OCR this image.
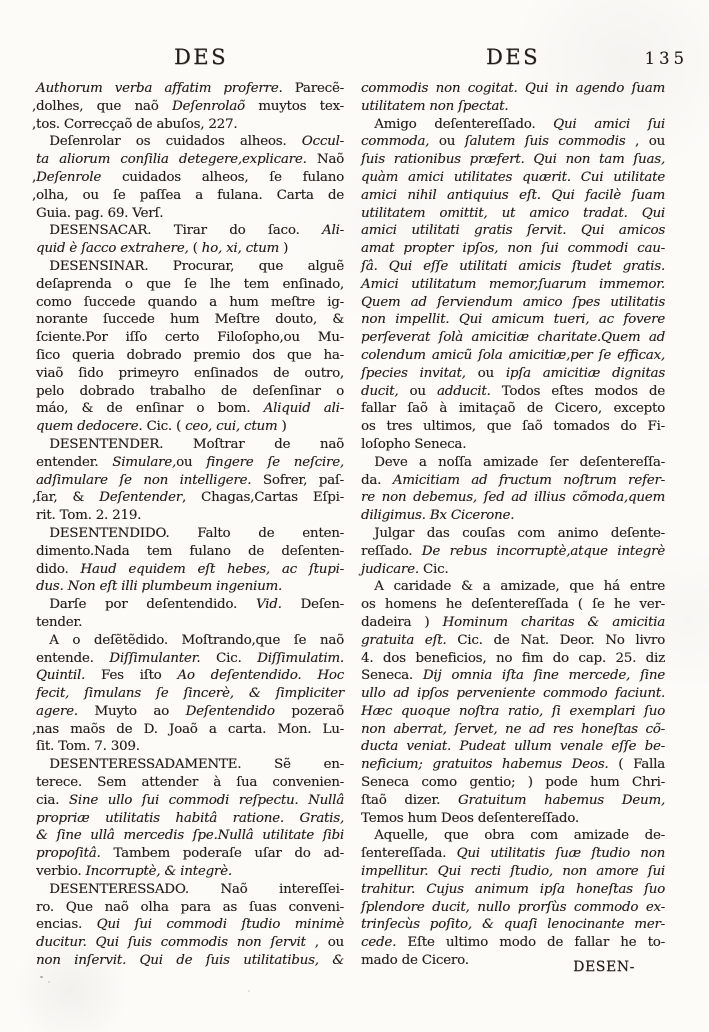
DES	DES	135
Authorum verba affatim proferre. Parecẽ-
,dolhes, que naõ Deſenrolaõ muytos tex-
,tos. Correcçaõ de abuſos, 227.
 Deſenrolar os cuidados alheos. Occul-
ta aliorum conſilia detegere,explicare. Naõ
,Deſenrole cuidados alheos, ſe fulano
,olha, ou ſe paſſea a fulana. Carta de
Guia. pag. 69. Verſ.
 DESENSACAR. Tirar do ſaco. Ali-
quid è ſacco extrahere, ( ho, xi, ctum )
 DESENSINAR. Procurar, que alguẽ
deſaprenda o que ſe lhe tem enſinado,
como ſuccede quando a hum meſtre ig-
norante ſuccede hum Meſtre douto, &
ſciente.Por iſſo certo Filoſopho,ou Mu-
ſico queria dobrado premio dos que ha-
viaõ ſido primeyro enſinados de outro,
pelo dobrado trabalho de deſenſinar o
máo, & de enſinar o bom. Aliquid ali-
quem dedocere. Cic. ( ceo, cui, ctum )
 DESENTENDER. Moſtrar de naõ
entender. Simulare,ou fingere ſe neſcire,
adſimulare ſe non intelligere. Sofrer, paſ-
,ſar, & Deſentender, Chagas,Cartas Eſpi-
rit. Tom. 2. 219.
 DESENTENDIDO. Falto de enten-
dimento.Nada tem fulano de deſenten-
dido. Haud equidem eſt hebes, ac ſtupi-
dus. Non eſt illi plumbeum ingenium.
 Darſe por deſentendido. Vid. Deſen-
tender.
 A o deſẽtẽdido. Moſtrando,que ſe naõ
entende. Diſſimulanter. Cic. Diſſimulatim.
Quintil. Fes iſto Ao deſentendido. Hoc
fecit, ſimulans ſe ſincerè, & ſimpliciter
agere. Muyto ao Deſentendido pozeraõ
,nas maõs de D. Joaõ a carta. Mon. Lu-
ſit. Tom. 7. 309.
 DESENTERESSADAMENTE. Sẽ en-
terece. Sem attender à ſua convenien-
cia. Sine ullo ſui commodi reſpectu. Nullâ
propriæ utilitatis habitâ ratione. Gratis,
& ſine ullâ mercedis ſpe.Nullâ utilitate ſibi
propoſitâ. Tambem poderaſe uſar do ad-
verbio. Incorruptè, & integrè.
 DESENTERESSADO. Naõ intereſſei-
ro. Que naõ olha para as ſuas conveni-
encias. Qui ſui commodi ſtudio minimè
ducitur. Qui ſuis commodis non ſervit , ou
non inſervit. Qui de ſuis utilitatibus, &
commodis non cogitat. Qui in agendo ſuam
utilitatem non ſpectat.
 Amigo deſentereſſado. Qui amici ſui
commoda, ou ſalutem ſuis commodis , ou
ſuis rationibus præfert. Qui non tam ſuas,
quàm amici utilitates quærit. Cui utilitate
amici nihil antiquius eſt. Qui facilè ſuam
utilitatem omittit, ut amico tradat. Qui
amici utilitati gratis ſervit. Qui amicos
amat propter ipſos, non ſui commodi cau-
ſâ. Qui eſſe utilitati amicis ſtudet gratis.
Amici utilitatum memor,ſuarum immemor.
Quem ad ſerviendum amico ſpes utilitatis
non impellit. Qui amicum tueri, ac fovere
perſeverat ſolà amicitiæ charitate.Quem ad
colendum amicũ ſola amicitiæ,per ſe efficax,
ſpecies invitat, ou ipſa amicitiæ dignitas
ducit, ou adducit. Todos eſtes modos de
fallar ſaõ à imitaçaõ de Cicero, excepto
os tres ultimos, que ſaõ tomados do Fi-
loſopho Seneca.
 Deve a noſſa amizade ſer deſentereſſa-
da. Amicitiam ad fructum noſtrum refer-
re non debemus, ſed ad illius cõmoda,quem
diligimus. Bx Cicerone.
 Julgar das couſas com animo deſente-
reſſado. De rebus incorruptè,atque integrè
judicare. Cic.
 A caridade & a amizade, que há entre
os homens he deſentereſſada ( ſe he ver-
dadeira ) Hominum charitas & amicitia
gratuita eſt. Cic. de Nat. Deor. No livro
4. dos beneficios, no fim do cap. 25. diz
Seneca. Dij omnia iſta ſine mercede, ſine
ullo ad ipſos perveniente commodo faciunt.
Hæc quoque noſtra ratio, ſi exemplari ſuo
non aberrat, ſervet, ne ad res honeſtas cõ-
ducta veniat. Pudeat ullum venale eſſe be-
neficium; gratuitos habemus Deos. ( Falla
Seneca como gentio; ) pode hum Chri-
ſtaõ dizer. Gratuitum habemus Deum,
Temos hum Deos deſentereſſado.
 Aquelle, que obra com amizade de-
ſentereſſada. Qui utilitatis ſuæ ſtudio non
impellitur. Qui recti ſtudio, non amore ſui
trahitur. Cujus animum ipſa honeſtas ſuo
ſplendore ducit, nullo prorſùs commodo ex-
trinſecùs poſito, & quaſi lenocinante mer-
cede. Eſte ultimo modo de fallar he to-
mado de Cicero.	DESEN-
